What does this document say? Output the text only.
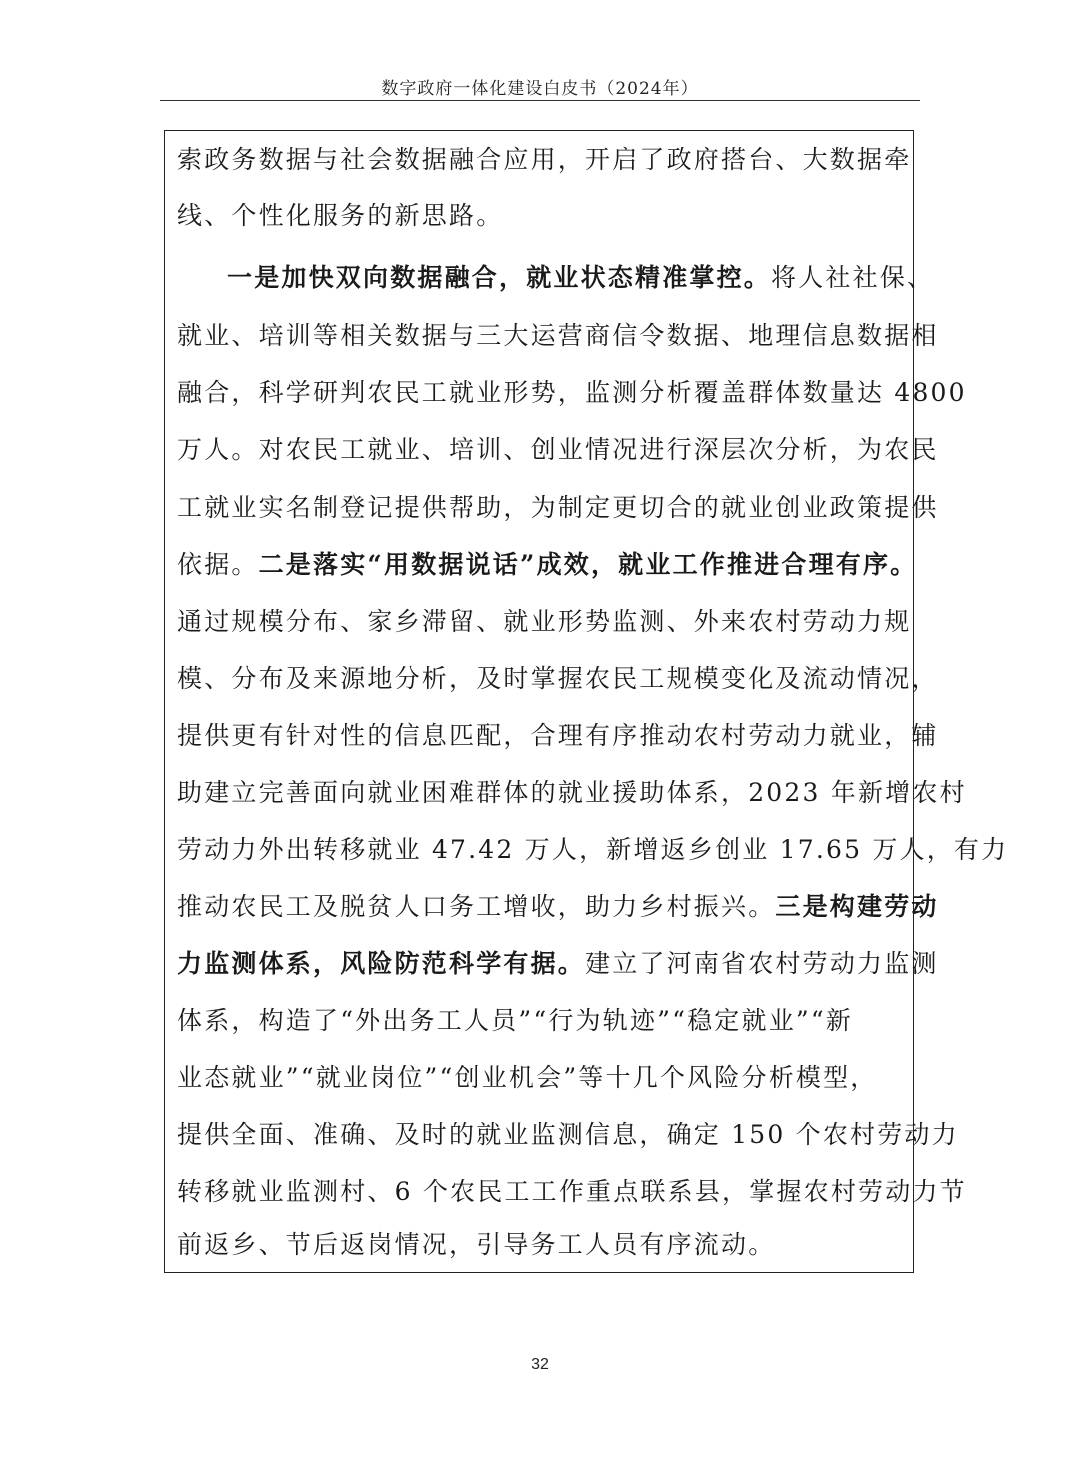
数字政府一体化建设白皮书（2024年）
索政务数据与社会数据融合应用，开启了政府搭台、大数据牵
线、个性化服务的新思路。
一是加快双向数据融合，就业状态精准掌控。将人社社保、
就业、培训等相关数据与三大运营商信令数据、地理信息数据相
融合，科学研判农民工就业形势，监测分析覆盖群体数量达 4800
万人。对农民工就业、培训、创业情况进行深层次分析，为农民
工就业实名制登记提供帮助，为制定更切合的就业创业政策提供
依据。二是落实“用数据说话”成效，就业工作推进合理有序。
通过规模分布、家乡滞留、就业形势监测、外来农村劳动力规
模、分布及来源地分析，及时掌握农民工规模变化及流动情况，
提供更有针对性的信息匹配，合理有序推动农村劳动力就业，辅
助建立完善面向就业困难群体的就业援助体系，2023 年新增农村
劳动力外出转移就业 47.42 万人，新增返乡创业 17.65 万人，有力
推动农民工及脱贫人口务工增收，助力乡村振兴。三是构建劳动
力监测体系，风险防范科学有据。建立了河南省农村劳动力监测
体系，构造了“外出务工人员”“行为轨迹”“稳定就业”“新
业态就业”“就业岗位”“创业机会”等十几个风险分析模型，
提供全面、准确、及时的就业监测信息，确定 150 个农村劳动力
转移就业监测村、6 个农民工工作重点联系县，掌握农村劳动力节
前返乡、节后返岗情况，引导务工人员有序流动。
32
